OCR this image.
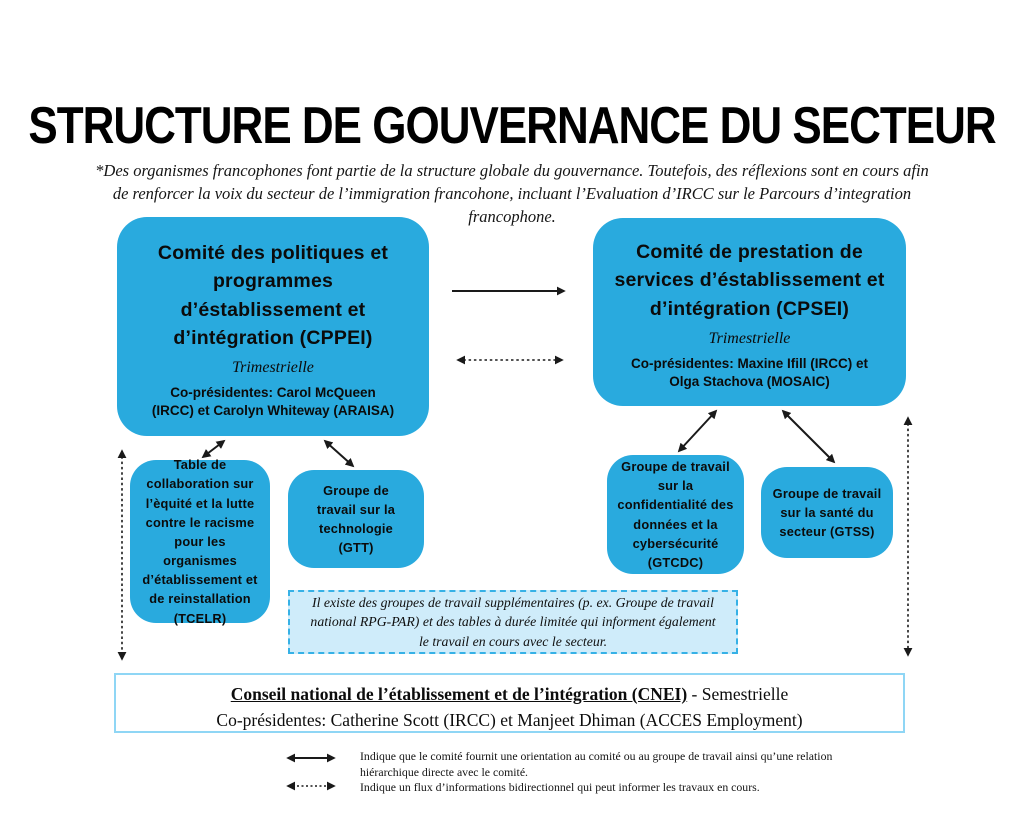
STRUCTURE DE GOUVERNANCE DU SECTEUR

*Des organismes francophones font partie de la structure globale du gouvernance. Toutefois, des réflexions sont en cours afin de renforcer la voix du secteur de l’immigration francohone, incluant l’Evaluation d’IRCC sur le Parcours d’integration francophone.

Comité des politiques et programmes d’éstablissement et d’intégration (CPPEI)
Trimestrielle
Co-présidentes: Carol McQueen (IRCC) et Carolyn Whiteway (ARAISA)
Comité de prestation de services d’éstablissement et d’intégration (CPSEI)
Trimestrielle
Co-présidentes: Maxine Ifill (IRCC) et Olga Stachova (MOSAIC)
Table de collaboration sur l’èquité et la lutte contre le racisme pour les organismes d’établissement et de reinstallation (TCELR)
Groupe de travail sur la technologie (GTT)
Groupe de travail sur la confidentialité des données et la cybersécurité (GTCDC)
Groupe de travail sur la santé du secteur (GTSS)
Il existe des groupes de travail supplémentaires (p. ex. Groupe de travail national RPG-PAR) et des tables à durée limitée qui informent également le travail en cours avec le secteur.
Conseil national de l’établissement et de l’intégration (CNEI) - Semestrielle
Co-présidentes: Catherine Scott (IRCC) et Manjeet Dhiman (ACCES Employment)
Indique que le comité fournit une orientation au comité ou au groupe de travail ainsi qu’une relation hiérarchique directe avec le comité.
Indique un flux d’informations bidirectionnel qui peut informer les travaux en cours.
